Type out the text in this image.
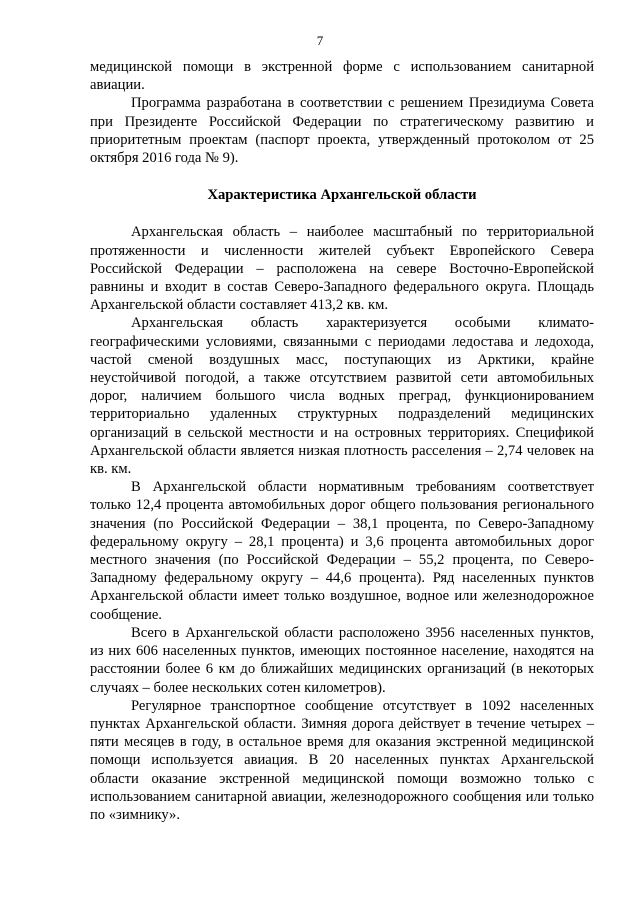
7

медицинской помощи в экстренной форме с использованием санитарной авиации.

Программа разработана в соответствии с решением Президиума Совета при Президенте Российской Федерации по стратегическому развитию и приоритетным проектам (паспорт проекта, утвержденный протоколом от 25 октября 2016 года № 9).

Характеристика Архангельской области

Архангельская область – наиболее масштабный по территориальной протяженности и численности жителей субъект Европейского Севера Российской Федерации – расположена на севере Восточно-Европейской равнины и входит в состав Северо-Западного федерального округа. Площадь Архангельской области составляет 413,2 кв. км.

Архангельская область характеризуется особыми климато-географическими условиями, связанными с периодами ледостава и ледохода, частой сменой воздушных масс, поступающих из Арктики, крайне неустойчивой погодой, а также отсутствием развитой сети автомобильных дорог, наличием большого числа водных преград, функционированием территориально удаленных структурных подразделений медицинских организаций в сельской местности и на островных территориях. Спецификой Архангельской области является низкая плотность расселения – 2,74 человек на кв. км.

В Архангельской области нормативным требованиям соответствует только 12,4 процента автомобильных дорог общего пользования регионального значения (по Российской Федерации – 38,1 процента, по Северо-Западному федеральному округу – 28,1 процента) и 3,6 процента автомобильных дорог местного значения (по Российской Федерации – 55,2 процента, по Северо-Западному федеральному округу – 44,6 процента). Ряд населенных пунктов Архангельской области имеет только воздушное, водное или железнодорожное сообщение.

Всего в Архангельской области расположено 3956 населенных пунктов, из них 606 населенных пунктов, имеющих постоянное население, находятся на расстоянии более 6 км до ближайших медицинских организаций (в некоторых случаях – более нескольких сотен километров).

Регулярное транспортное сообщение отсутствует в 1092 населенных пунктах Архангельской области. Зимняя дорога действует в течение четырех – пяти месяцев в году, в остальное время для оказания экстренной медицинской помощи используется авиация. В 20 населенных пунктах Архангельской области оказание экстренной медицинской помощи возможно только с использованием санитарной авиации, железнодорожного сообщения или только по «зимнику».
